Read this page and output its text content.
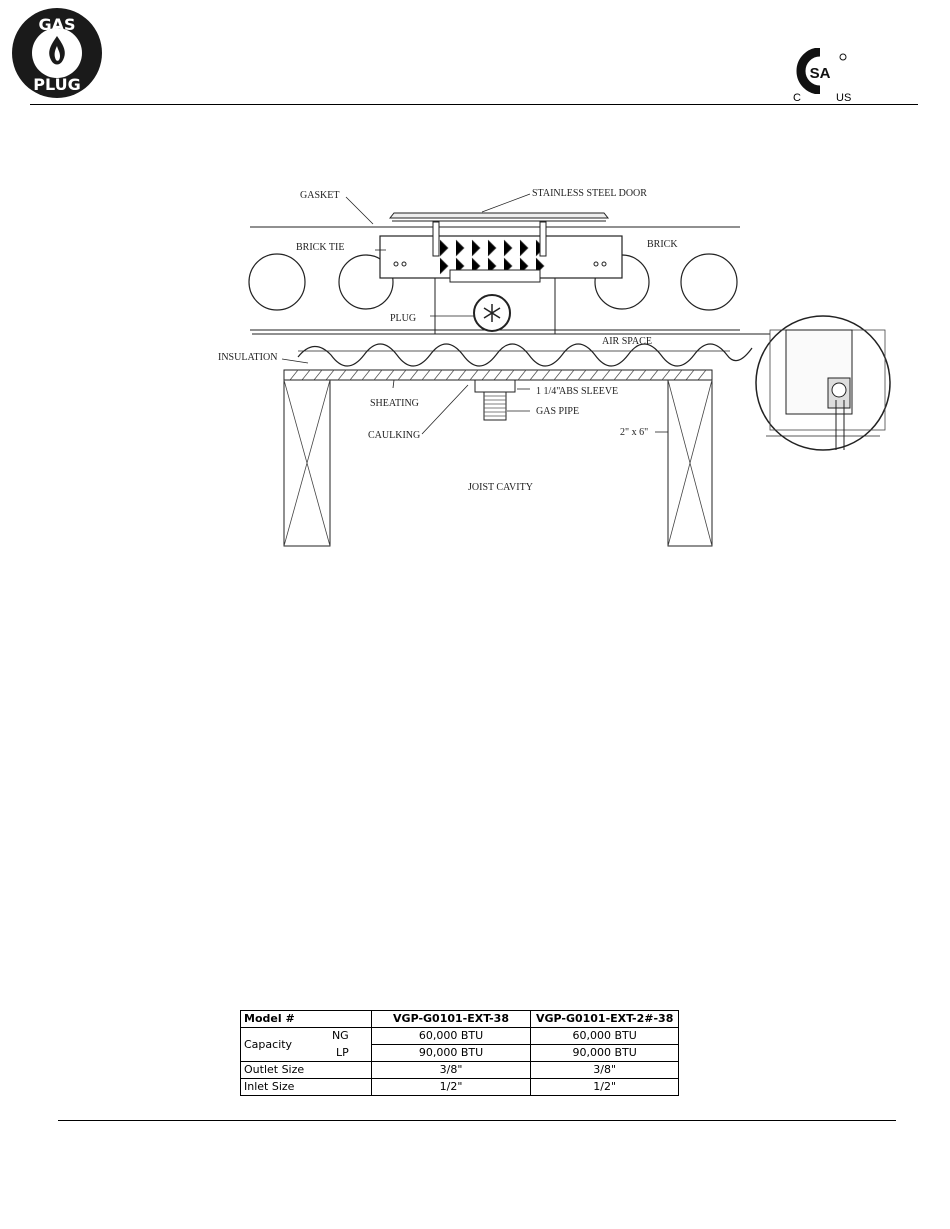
GAS
PLUG
SA
C	US
GASKET	STAINLESS STEEL DOOR
BRICK TIE	BRICK
PLUG
AIR SPACE
INSULATION
1 1/4"
ABS SLEEVE
SHEATING
GAS PIPE
CAULKING	2" x 6"
JOIST CAVITY
Model #	VGP-G0101-EXT-38	VGP-G0101-EXT-2#-38

Capacity
NG	60,000 BTU	60,000 BTU
LP	90,000 BTU	90,000 BTU
Outlet Size	3/8"	3/8"
Inlet Size	1/2"	1/2"
